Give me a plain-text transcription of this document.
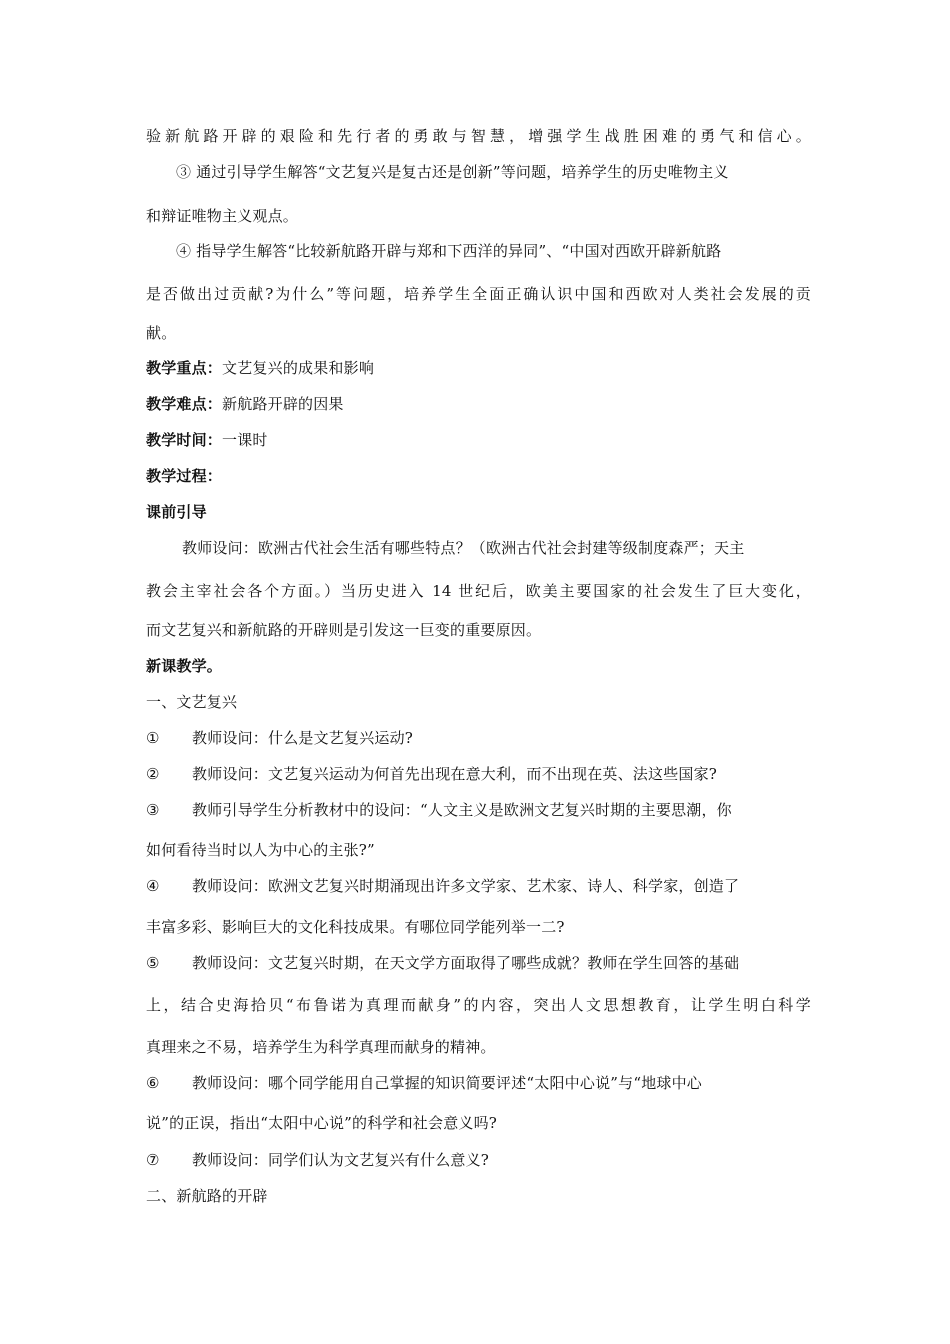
验新航路开辟的艰险和先行者的勇敢与智慧，增强学生战胜困难的勇气和信心。
③ 通过引导学生解答“文艺复兴是复古还是创新”等问题，培养学生的历史唯物主义
和辩证唯物主义观点。
④ 指导学生解答“比较新航路开辟与郑和下西洋的异同”、“中国对西欧开辟新航路
是否做出过贡献?为什么”等问题，培养学生全面正确认识中国和西欧对人类社会发展的贡
献。
教学重点：文艺复兴的成果和影响
教学难点：新航路开辟的因果
教学时间：一课时
教学过程：
课前引导
教师设问：欧洲古代社会生活有哪些特点？（欧洲古代社会封建等级制度森严；天主
教会主宰社会各个方面。）当历史进入 14 世纪后，欧美主要国家的社会发生了巨大变化，
而文艺复兴和新航路的开辟则是引发这一巨变的重要原因。
新课教学。
一、文艺复兴
① 教师设问：什么是文艺复兴运动?
② 教师设问：文艺复兴运动为何首先出现在意大利，而不出现在英、法这些国家?
③ 教师引导学生分析教材中的设问：“人文主义是欧洲文艺复兴时期的主要思潮，你
如何看待当时以人为中心的主张?”
④ 教师设问：欧洲文艺复兴时期涌现出许多文学家、艺术家、诗人、科学家，创造了
丰富多彩、影响巨大的文化科技成果。有哪位同学能列举一二?
⑤ 教师设问：文艺复兴时期，在天文学方面取得了哪些成就？教师在学生回答的基础
上，结合史海拾贝“布鲁诺为真理而献身”的内容，突出人文思想教育，让学生明白科学
真理来之不易，培养学生为科学真理而献身的精神。
⑥ 教师设问：哪个同学能用自己掌握的知识简要评述“太阳中心说”与“地球中心
说”的正误，指出“太阳中心说”的科学和社会意义吗?
⑦ 教师设问：同学们认为文艺复兴有什么意义?
二、新航路的开辟
